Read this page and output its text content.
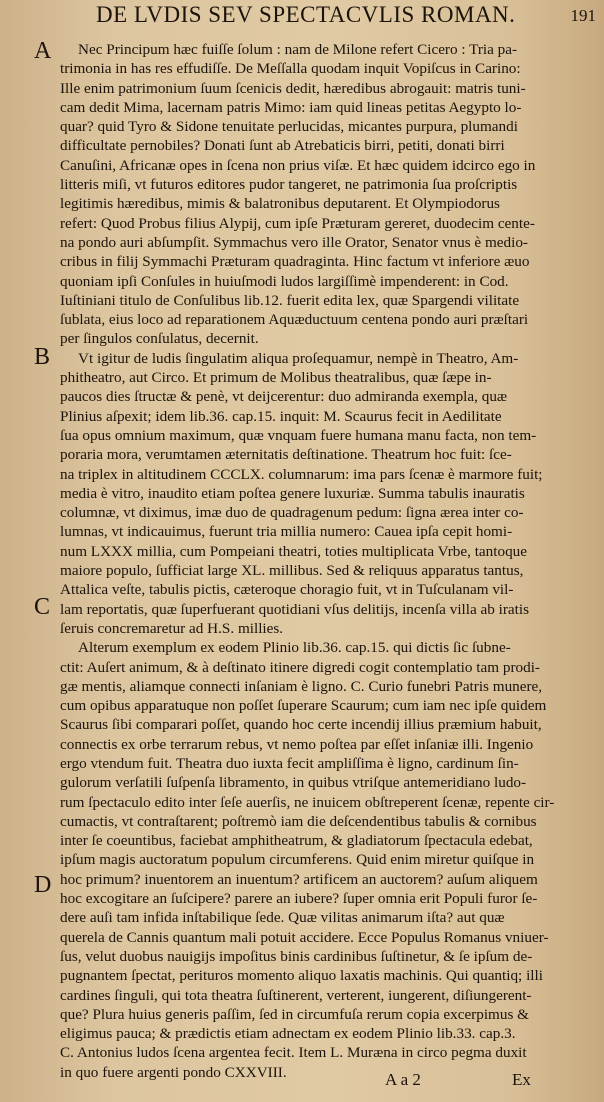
DE LVDIS SEV SPECTACVLIS ROMAN.	191
A
B
C
D
Nec Principum hæc fuiſſe ſolum : nam de Milone refert Cicero : Tria pa-
trimonia in has res effudiſſe. De Meſſalla quodam inquit Vopiſcus in Carino:
Ille enim patrimonium ſuum ſcenicis dedit, hæredibus abrogauit: matris tuni-
cam dedit Mima, lacernam patris Mimo: iam quid lineas petitas Aegypto lo-
quar? quid Tyro & Sidone tenuitate perlucidas, micantes purpura, plumandi
difficultate pernobiles? Donati ſunt ab Atrebaticis birri, petiti, donati birri
Canuſini, Africanæ opes in ſcena non prius viſæ. Et hæc quidem idcirco ego in
litteris miſi, vt futuros editores pudor tangeret, ne patrimonia ſua proſcriptis
legitimis hæredibus, mimis & balatronibus deputarent. Et Olympiodorus
refert: Quod Probus filius Alypij, cum ipſe Præturam gereret, duodecim cente-
na pondo auri abſumpſit. Symmachus vero ille Orator, Senator vnus è medio-
cribus in filij Symmachi Præturam quadraginta. Hinc factum vt inferiore æuo
quoniam ipſi Conſules in huiuſmodi ludos largiſſimè impenderent: in Cod.
Iuſtiniani titulo de Conſulibus lib.12. fuerit edita lex, quæ Spargendi vilitate
ſublata, eius loco ad reparationem Aquæductuum centena pondo auri præſtari
per ſingulos conſulatus, decernit.
Vt igitur de ludis ſingulatim aliqua proſequamur, nempè in Theatro, Am-
phitheatro, aut Circo. Et primum de Molibus theatralibus, quæ ſæpe in-
paucos dies ſtructæ & penè, vt deijcerentur: duo admiranda exempla, quæ
Plinius aſpexit; idem lib.36. cap.15. inquit: M. Scaurus fecit in Aedilitate
ſua opus omnium maximum, quæ vnquam fuere humana manu facta, non tem-
poraria mora, verumtamen æternitatis deſtinatione. Theatrum hoc fuit: ſce-
na triplex in altitudinem CCCLX. columnarum: ima pars ſcenæ è marmore fuit;
media è vitro, inaudito etiam poſtea genere luxuriæ. Summa tabulis inauratis
columnæ, vt diximus, imæ duo de quadragenum pedum: ſigna ærea inter co-
lumnas, vt indicauimus, fuerunt tria millia numero: Cauea ipſa cepit homi-
num LXXX millia, cum Pompeiani theatri, toties multiplicata Vrbe, tantoque
maiore populo, ſufficiat large XL. millibus. Sed & reliquus apparatus tantus,
Attalica veſte, tabulis pictis, cæteroque choragio fuit, vt in Tuſculanam vil-
lam reportatis, quæ ſuperfuerant quotidiani vſus delitijs, incenſa villa ab iratis
ſeruis concremaretur ad H.S. millies.
Alterum exemplum ex eodem Plinio lib.36. cap.15. qui dictis ſic ſubne-
ctit: Auſert animum, & à deſtinato itinere digredi cogit contemplatio tam prodi-
gæ mentis, aliamque connecti inſaniam è ligno. C. Curio funebri Patris munere,
cum opibus apparatuque non poſſet ſuperare Scaurum; cum iam nec ipſe quidem
Scaurus ſibi comparari poſſet, quando hoc certe incendij illius præmium habuit,
connectis ex orbe terrarum rebus, vt nemo poſtea par eſſet inſaniæ illi. Ingenio
ergo vtendum fuit. Theatra duo iuxta fecit ampliſſima è ligno, cardinum ſin-
gulorum verſatili ſuſpenſa libramento, in quibus vtriſque antemeridiano ludo-
rum ſpectaculo edito inter ſeſe auerſis, ne inuicem obſtreperent ſcenæ, repente cir-
cumactis, vt contraſtarent; poſtremò iam die deſcendentibus tabulis & cornibus
inter ſe coeuntibus, faciebat amphitheatrum, & gladiatorum ſpectacula edebat,
ipſum magis auctoratum populum circumferens. Quid enim miretur quiſque in
hoc primum? inuentorem an inuentum? artificem an auctorem? auſum aliquem
hoc excogitare an ſuſcipere? parere an iubere? ſuper omnia erit Populi furor ſe-
dere auſi tam infida inſtabilique ſede. Quæ vilitas animarum iſta? aut quæ
querela de Cannis quantum mali potuit accidere. Ecce Populus Romanus vniuer-
ſus, velut duobus nauigijs impoſitus binis cardinibus ſuſtinetur, & ſe ipſum de-
pugnantem ſpectat, perituros momento aliquo laxatis machinis. Qui quantiq; illi
cardines ſinguli, qui tota theatra ſuſtinerent, verterent, iungerent, diſiungerent-
que? Plura huius generis paſſim, ſed in circumfuſa rerum copia excerpimus &
eligimus pauca; & prædictis etiam adnectam ex eodem Plinio lib.33. cap.3.
C. Antonius ludos ſcena argentea fecit. Item L. Muræna in circo pegma duxit
in quo fuere argenti pondo CXXVIII.	A a 2	Ex
